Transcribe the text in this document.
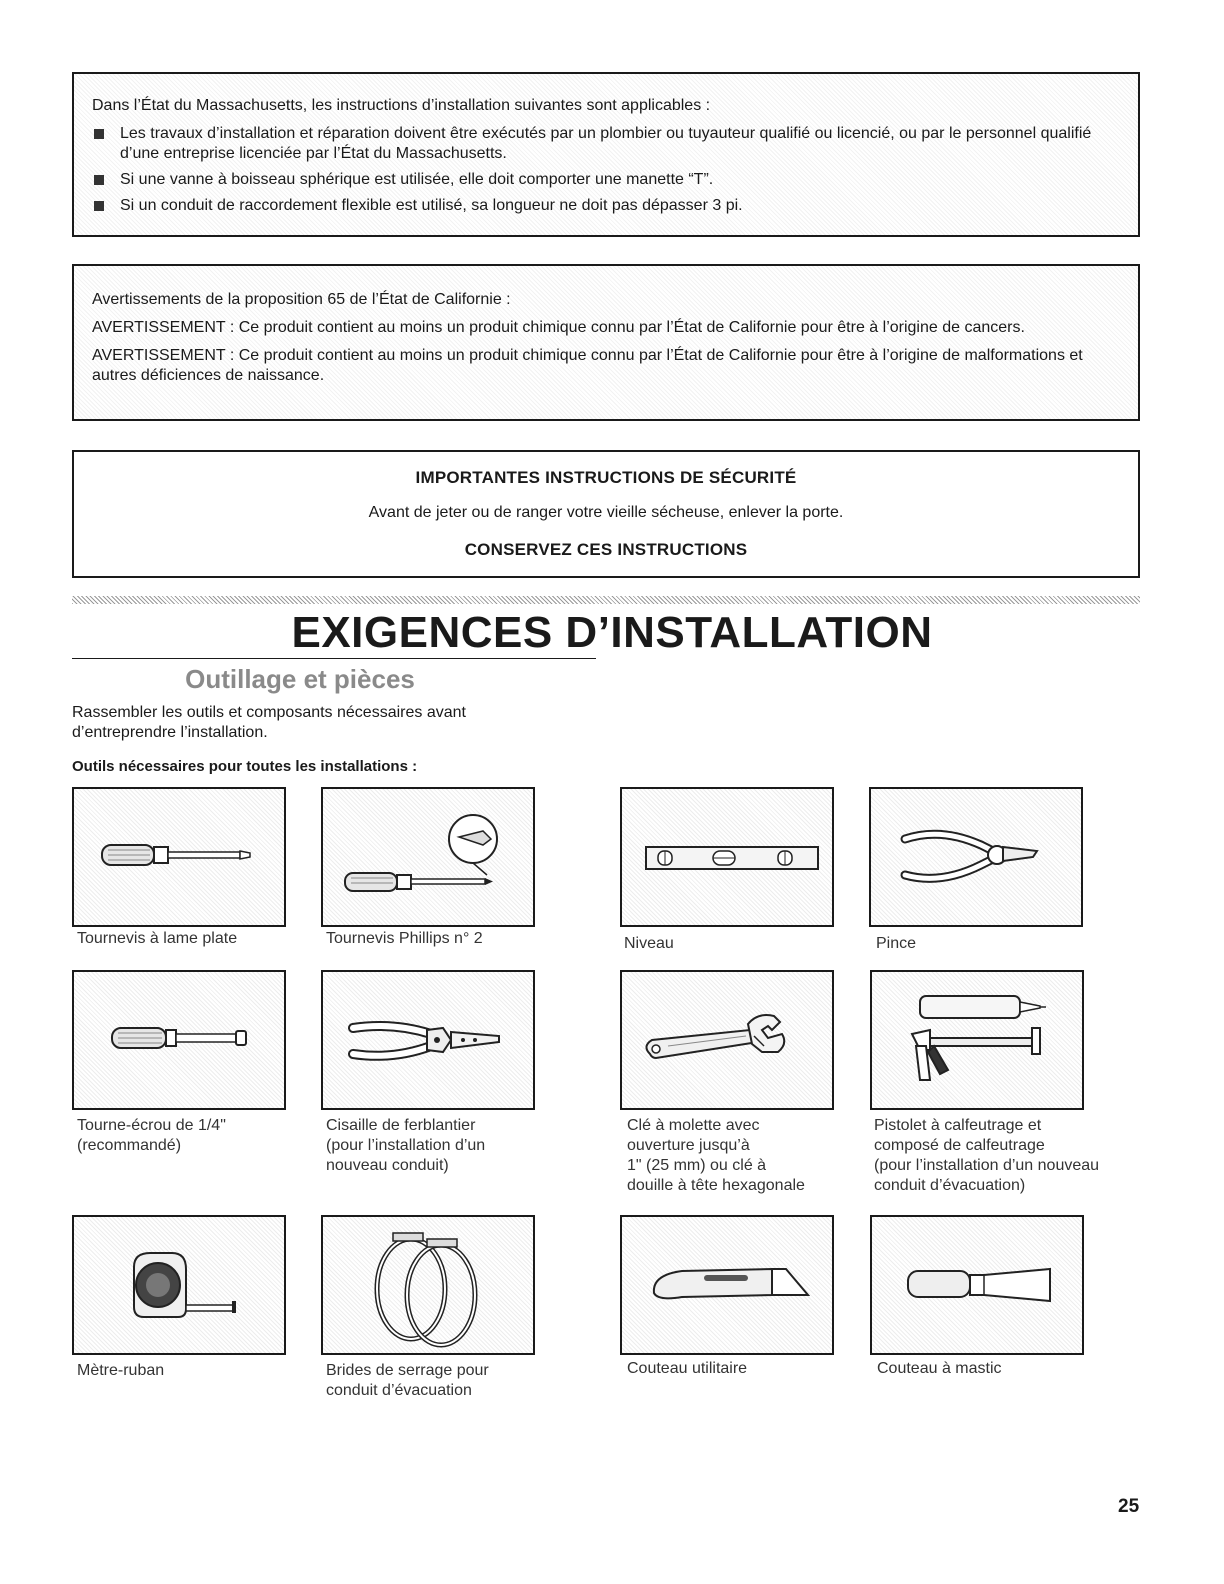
Dans l’État du Massachusetts, les instructions d’installation suivantes sont applicables :

Les travaux d’installation et réparation doivent être exécutés par un plombier ou tuyauteur qualifié ou licencié, ou par le personnel qualifié d’une entreprise licenciée par l’État du Massachusetts.
Si une vanne à boisseau sphérique est utilisée, elle doit comporter une manette “T”.
Si un conduit de raccordement flexible est utilisé, sa longueur ne doit pas dépasser 3 pi.

Avertissements de la proposition 65 de l’État de Californie :

AVERTISSEMENT : Ce produit contient au moins un produit chimique connu par l’État de Californie pour être à l’origine de cancers.

AVERTISSEMENT : Ce produit contient au moins un produit chimique connu par l’État de Californie pour être à l’origine de malformations et autres déficiences de naissance.

IMPORTANTES INSTRUCTIONS DE SÉCURITÉ

Avant de jeter ou de ranger votre vieille sécheuse, enlever la porte.

CONSERVEZ CES INSTRUCTIONS

EXIGENCES D’INSTALLATION
Outillage et pièces

Rassembler les outils et composants nécessaires avant d’entreprendre l’installation.

Outils nécessaires pour toutes les installations :

Tournevis à lame plate	Tournevis Phillips n° 2	Niveau	Pince

Tourne-écrou de 1/4"
(recommandé)

Cisaille de ferblantier
(pour l’installation d’un
nouveau conduit)

Clé à molette avec
ouverture jusqu’à
1" (25 mm) ou clé à
douille à tête hexagonale

Pistolet à calfeutrage et
composé de calfeutrage
(pour l’installation d’un nouveau
conduit d’évacuation)

Mètre-ruban	Brides de serrage pour
conduit d’évacuation

Couteau utilitaire	Couteau à mastic

25
